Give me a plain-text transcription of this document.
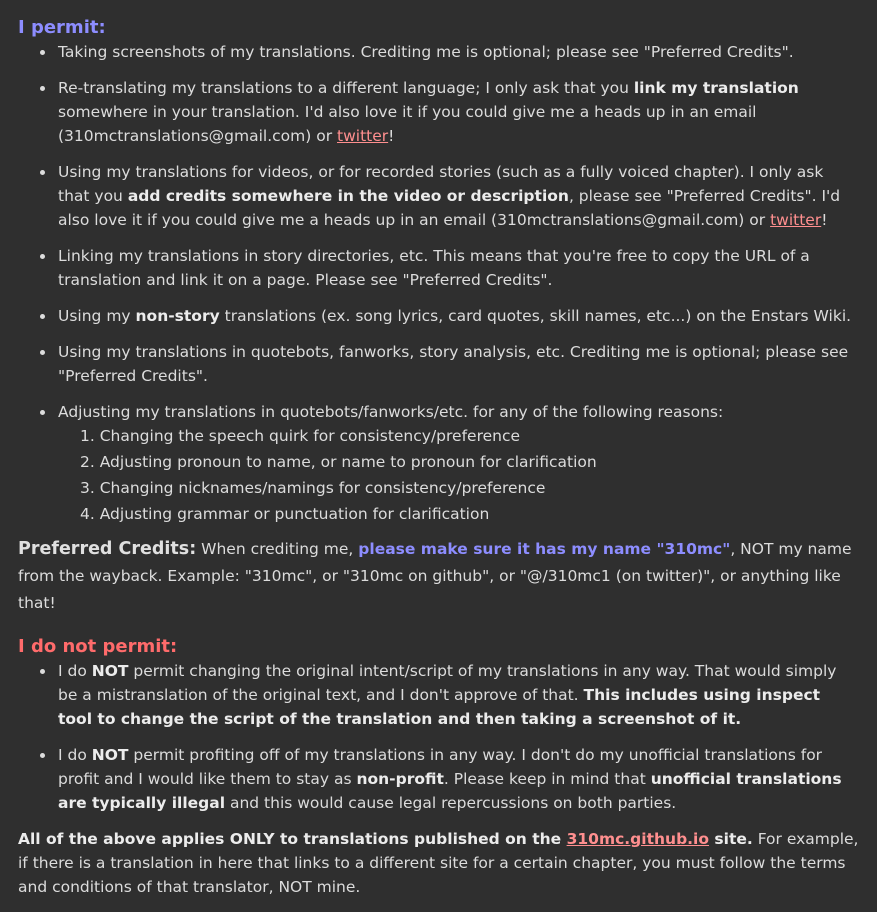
I permit:
Taking screenshots of my translations. Crediting me is optional; please see "Preferred Credits".
Re-translating my translations to a different language; I only ask that you link my translation somewhere in your translation. I'd also love it if you could give me a heads up in an email (310mctranslations@gmail.com) or twitter!
Using my translations for videos, or for recorded stories (such as a fully voiced chapter). I only ask that you add credits somewhere in the video or description, please see "Preferred Credits". I'd also love it if you could give me a heads up in an email (310mctranslations@gmail.com) or twitter!
Linking my translations in story directories, etc. This means that you're free to copy the URL of a translation and link it on a page. Please see "Preferred Credits".
Using my non-story translations (ex. song lyrics, card quotes, skill names, etc...) on the Enstars Wiki.
Using my translations in quotebots, fanworks, story analysis, etc. Crediting me is optional; please see "Preferred Credits".
Adjusting my translations in quotebots/fanworks/etc. for any of the following reasons:
1. Changing the speech quirk for consistency/preference
2. Adjusting pronoun to name, or name to pronoun for clarification
3. Changing nicknames/namings for consistency/preference
4. Adjusting grammar or punctuation for clarification
Preferred Credits: When crediting me, please make sure it has my name "310mc", NOT my name from the wayback. Example: "310mc", or "310mc on github", or "@/310mc1 (on twitter)", or anything like that!
I do not permit:
I do NOT permit changing the original intent/script of my translations in any way. That would simply be a mistranslation of the original text, and I don't approve of that. This includes using inspect tool to change the script of the translation and then taking a screenshot of it.
I do NOT permit profiting off of my translations in any way. I don't do my unofficial translations for profit and I would like them to stay as non-profit. Please keep in mind that unofficial translations are typically illegal and this would cause legal repercussions on both parties.
All of the above applies ONLY to translations published on the 310mc.github.io site. For example, if there is a translation in here that links to a different site for a certain chapter, you must follow the terms and conditions of that translator, NOT mine.
